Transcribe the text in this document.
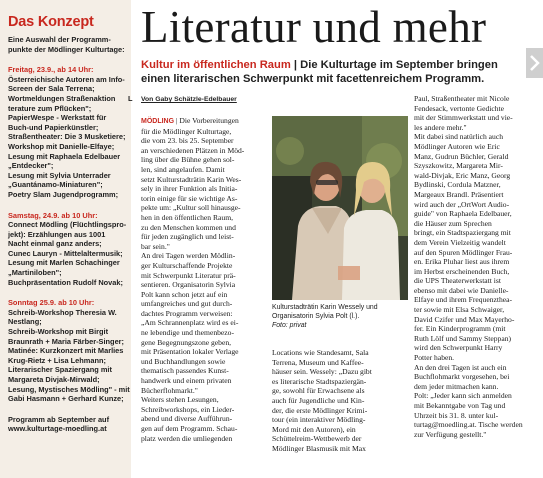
Das Konzept

Eine Auswahl der Programm-

punkte der Mödlinger Kulturtage:

Freitag, 23.9., ab 14 Uhr:

Österreichische Autoren am Info-

Screen der Sala Terrena;

Wortmeldungen Straßenaktion

terature zum Pflücken";

PapierWespe - Werkstatt für

Buch-und Papierkünstler;

Straßentheater: Die 3 Musketiere;

Workshop mit Danielle-Elfaye;

Lesung mit Raphaela Edelbauer

„Entdecker";

Lesung mit Sylvia Unterrader

„Guantánamo-Miniaturen";

Poetry Slam Jugendprogramm;

Samstag, 24.9. ab 10 Uhr:

Connect Mödling (Flüchtlingspro-

jekt): Erzählungen aus 1001

Nacht einmal ganz anders;

Cunec Lauryn - Mittelaltermusik;

Lesung mit Marlen Schachinger

„Martiniloben";

Buchpräsentation Rudolf Novak;

Sonntag 25.9. ab 10 Uhr:

Schreib-Workshop Theresia W.

Nestlang;

Schreib-Workshop mit Birgit

Braunrath + Maria Färber-Singer;

Matinée: Kurzkonzert mit Marlies

Krug-Rietz + Lisa Lehmann;

Literarischer Spaziergang mit

Margareta Divjak-Mirwald;

Lesung, Mystisches Mödling" - mit

Gabi Hasmann + Gerhard Kunze;

Programm ab September auf

www.kulturtage-moedling.at

L
Literatur und mehr
Kultur im öffentlichen Raum | Die Kulturtage im September bringen
einen literarischen Schwerpunkt mit facettenreichem Programm.
Von Gaby Schätzle-Edelbauer

MÖDLING | Die Vorbereitungen

für die Mödlinger Kulturtage,

die vom 23. bis 25. September

an verschiedenen Plätzen in Möd-

ling über die Bühne gehen sol-

len, sind angelaufen. Damit

setzt Kulturstadträtin Karin Wes-

sely in ihrer Funktion als Initia-

torin einige für sie wichtige As-

pekte um: „Kultur soll hinausge-

hen in den öffentlichen Raum,

zu den Menschen kommen und

für jeden zugänglich und leist-

bar sein."

An drei Tagen werden Mödlin-

ger Kulturschaffende Projekte

mit Schwerpunkt Literatur prä-

sentieren. Organisatorin Sylvia

Polt kann schon jetzt auf ein

umfangreiches und gut durch-

dachtes Programm verweisen:

„Am Schrannenplatz wird es ei-

ne lebendige und themenbezo-

gene Begegnungszone geben,

mit Präsentation lokaler Verlage

und Buchhandlungen sowie

thematisch passendes Kunst-

handwerk und einem privaten

Bücherflohmarkt."

Weiters stehen Lesungen,

Schreibworkshops, ein Lieder-

abend und diverse Aufführun-

gen auf dem Programm. Schau-

platz werden die umliegenden

Kulturstadträtin Karin Wessely und

Organisatorin Sylvia Polt (l.).

Foto: privat

Locations wie Standesamt, Sala

Terrena, Museum und Kaffee-

häuser sein. Wessely: „Dazu gibt

es literarische Stadtspaziergän-

ge, sowohl für Erwachsene als

auch für Jugendliche und Kin-

der, die erste Mödlinger Krimi-

tour (ein interaktiver Mödling-

Mord mit den Autoren), ein

Schüttelreim-Wettbewerb der

Mödlinger Blasmusik mit Max

Paul, Straßentheater mit Nicole

Fendesack, vertonte Gedichte

mit der Stimmwerkstatt und vie-

les andere mehr."

Mit dabei sind natürlich auch

Mödlinger Autoren wie Eric

Manz, Gudrun Büchler, Gerald

Szyszkowitz, Margareta Mir-

wald-Divjak, Eric Manz, Georg

Bydlinski, Cordula Matzner,

Margeaux Brandl. Präsentiert

wird auch der „OrtWort Audio-

guide" von Raphaela Edelbauer,

die Häuser zum Sprechen

bringt, ein Stadtspaziergang mit

dem Verein Vielzeitig wandelt

auf den Spuren Mödlinger Frau-

en. Erika Pluhar liest aus ihrem

im Herbst erscheinenden Buch,

die UPS Theaterwerkstatt ist

ebenso mit dabei wie Danielle-

Elfaye und ihrem Frequenzthea-

ter sowie mit Elsa Schwaiger,

David Czifer und Max Mayerho-

fer. Ein Kinderprogramm (mit

Ruth Lölf und Sammy Steppan)

wird den Schwerpunkt Harry

Potter haben.

An den drei Tagen ist auch ein

Buchflohmarkt vorgesehen, bei

dem jeder mitmachen kann.

Polt: „Jeder kann sich anmelden

mit Bekanntgabe von Tag und

Uhrzeit bis 31. 8. unter kul-

turtag@moedling.at. Tische werden

zur Verfügung gestellt."
